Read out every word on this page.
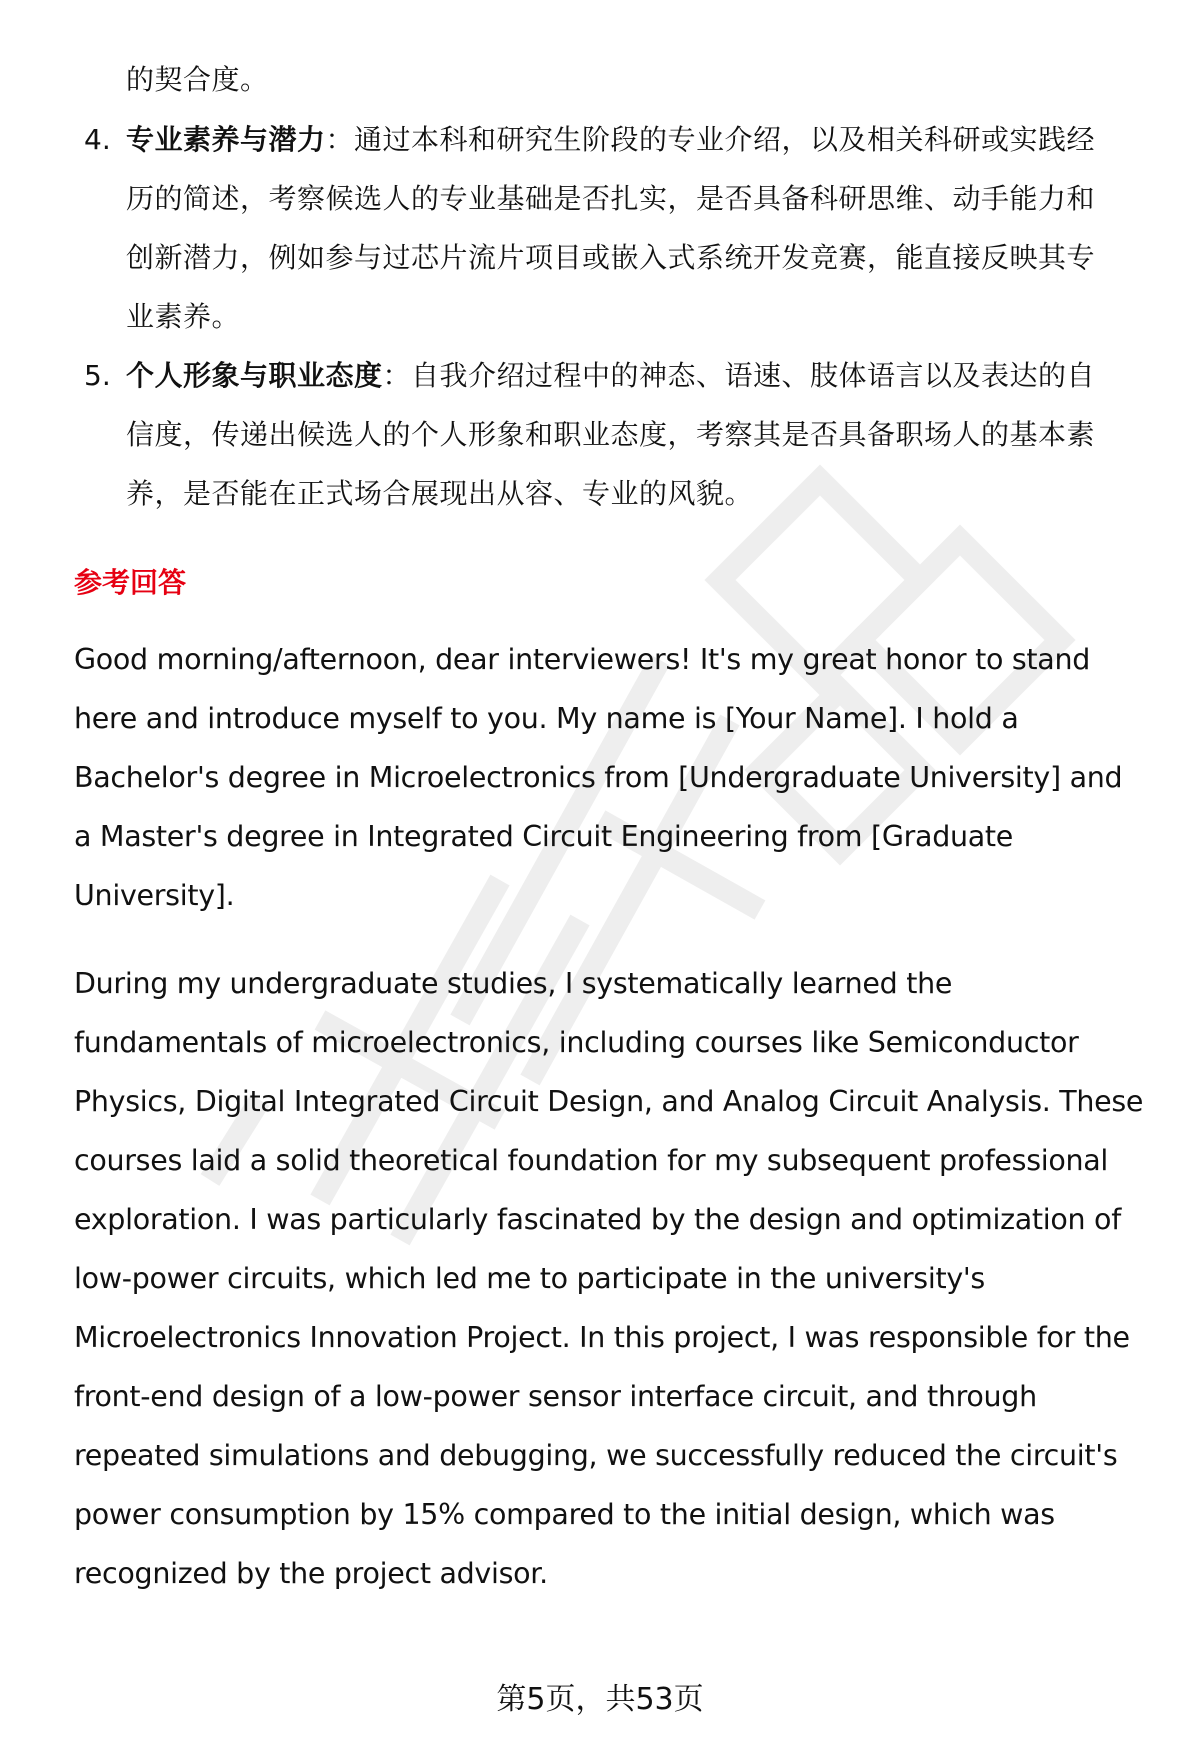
的契合度。
4. 专业素养与潜力：通过本科和研究生阶段的专业介绍，以及相关科研或实践经
历的简述，考察候选人的专业基础是否扎实，是否具备科研思维、动手能力和
创新潜力，例如参与过芯片流片项目或嵌入式系统开发竞赛，能直接反映其专
业素养。
5. 个人形象与职业态度：自我介绍过程中的神态、语速、肢体语言以及表达的自
信度，传递出候选人的个人形象和职业态度，考察其是否具备职场人的基本素
养，是否能在正式场合展现出从容、专业的风貌。
参考回答
Good morning/afternoon, dear interviewers! It's my great honor to stand
here and introduce myself to you. My name is [Your Name]. I hold a
Bachelor's degree in Microelectronics from [Undergraduate University] and
a Master's degree in Integrated Circuit Engineering from [Graduate
University].
During my undergraduate studies, I systematically learned the
fundamentals of microelectronics, including courses like Semiconductor
Physics, Digital Integrated Circuit Design, and Analog Circuit Analysis. These
courses laid a solid theoretical foundation for my subsequent professional
exploration. I was particularly fascinated by the design and optimization of
low-power circuits, which led me to participate in the university's
Microelectronics Innovation Project. In this project, I was responsible for the
front-end design of a low-power sensor interface circuit, and through
repeated simulations and debugging, we successfully reduced the circuit's
power consumption by 15% compared to the initial design, which was
recognized by the project advisor.
第5页，共53页
